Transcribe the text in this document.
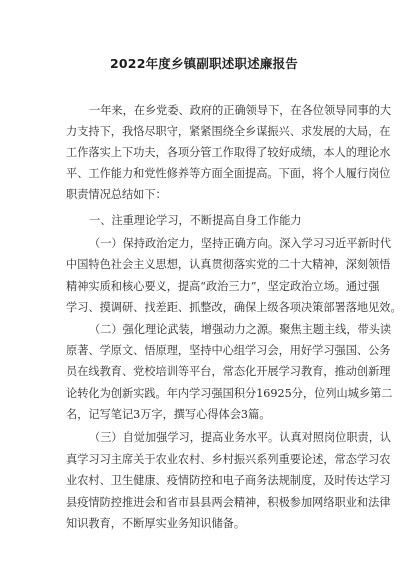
2022年度乡镇副职述职述廉报告
一年来，在乡党委、政府的正确领导下，在各位领导同事的大
力支持下，我恪尽职守，紧紧围绕全乡谋振兴、求发展的大局，在
工作落实上下功夫，各项分管工作取得了较好成绩，本人的理论水
平、工作能力和党性修养等方面全面提高。下面，将个人履行岗位
职责情况总结如下：
一、注重理论学习，不断提高自身工作能力
（一）保持政治定力，坚持正确方向。深入学习习近平新时代
中国特色社会主义思想，认真贯彻落实党的二十大精神，深刻领悟
精神实质和核心要义，提高“政治三力”，坚定政治立场。通过强
学习、摸调研、找差距、抓整改，确保上级各项决策部署落地见效。
（二）强化理论武装，增强动力之源。聚焦主题主线，带头读
原著、学原文、悟原理，坚持中心组学习会，用好学习强国、公务
员在线教育、党校培训等平台，常态化开展学习教育，推动创新理
论转化为创新实践。年内学习强国积分16925分，位列山城乡第二
名，记写笔记3万字，撰写心得体会3篇。
（三）自觉加强学习，提高业务水平。认真对照岗位职责，认
真学习习主席关于农业农村、乡村振兴系列重要论述，常态学习农
业农村、卫生健康、疫情防控和电子商务法规制度，及时传达学习
县疫情防控推进会和省市县县两会精神，积极参加网络职业和法律
知识教育，不断厚实业务知识储备。
